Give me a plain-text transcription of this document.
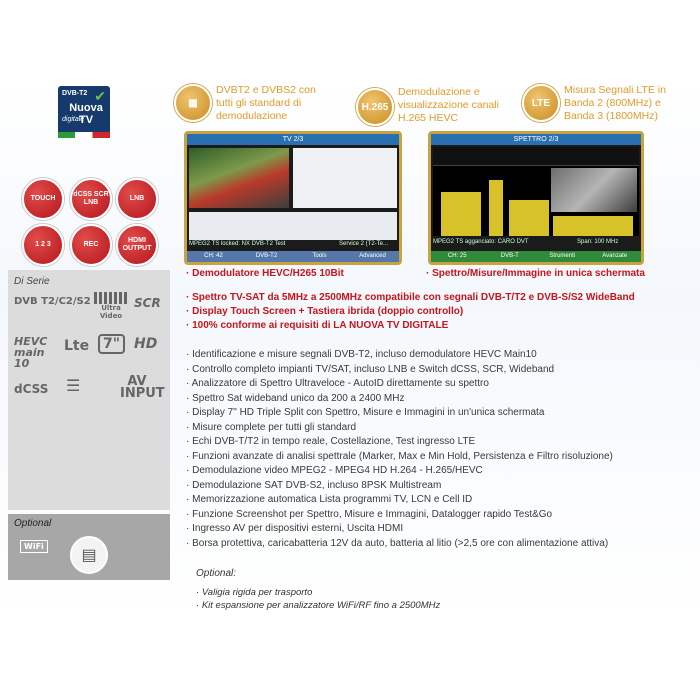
DVB-T2
Nuova TV
digitale
✔
TOUCH
dCSS SCR LNB
LNB
1 2 3	REC
HDMI OUTPUT
▦
DVBT2 e DVBS2 con tutti gli standard di demodulazione
H.265
Demodulazione e visualizzazione canali H.265 HEVC
LTE
Misura Segnali LTE in Banda 2 (800MHz) e Banda 3 (1800MHz)
TV 2/3
MPEG2 TS locked: NX DVB-T2 Test	Service 2 (T2-Te...
CH: 42	DVB-T2	Tools	Advanced
SPETTRO 2/3
MPEG2 TS agganciato: CARO DVT	Span: 100 MHz
CH: 25	DVB-T	Strumenti	Avanzate
· Demodulatore HEVC/H265 10Bit	· Spettro/Misure/Immagine in unica schermata
· Spettro TV-SAT da 5MHz a 2500MHz compatibile con segnali DVB-T/T2 e DVB-S/S2 WideBand
· Display Touch Screen + Tastiera ibrida (doppio controllo)
· 100% conforme ai requisiti di LA NUOVA TV DIGITALE
· Identificazione e misure segnali DVB-T2, incluso demodulatore HEVC Main10
· Controllo completo impianti TV/SAT, incluso LNB e Switch dCSS, SCR, Wideband
· Analizzatore di Spettro Ultraveloce - AutoID direttamente su spettro
· Spettro Sat wideband unico da 200 a 2400 MHz
· Display 7" HD Triple Split con Spettro, Misure e Immagini in un'unica schermata
· Misure complete per tutti gli standard
· Echi DVB-T/T2 in tempo reale, Costellazione, Test ingresso LTE
· Funzioni avanzate di analisi spettrale (Marker, Max e Min Hold, Persistenza e Filtro risoluzione)
· Demodulazione video MPEG2 - MPEG4 HD H.264 - H.265/HEVC
· Demodulazione SAT DVB-S2, incluso 8PSK Multistream
· Memorizzazione automatica Lista programmi TV, LCN e Cell ID
· Funzione Screenshot per Spettro, Misure e Immagini, Datalogger rapido Test&Go
· Ingresso AV per dispositivi esterni, Uscita HDMI
· Borsa protettiva, caricabatteria 12V da auto, batteria al litio (>2,5 ore con alimentazione attiva)
Di Serie
DVB T2/C2/S2
Ultra Video
SCR
HEVC main 10
Lte 7" HD
dCSS ☰	AV INPUT
Optional
WiFi
▤
Optional:
· Valigia rigida per trasporto
· Kit espansione per analizzatore WiFi/RF fino a 2500MHz
